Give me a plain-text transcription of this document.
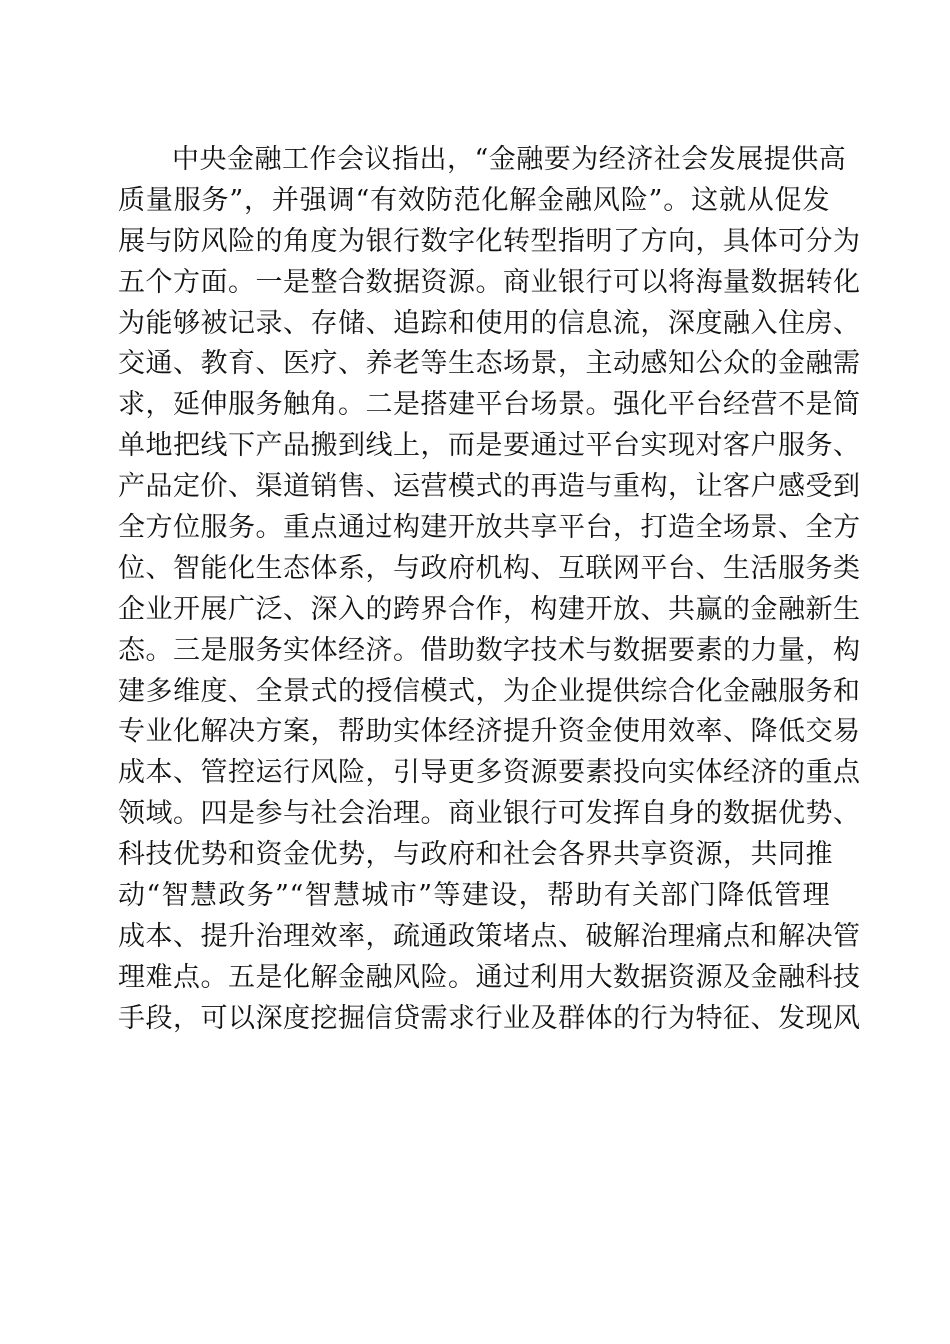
中央金融工作会议指出，“金融要为经济社会发展提供高
质量服务”，并强调“有效防范化解金融风险”。这就从促发
展与防风险的角度为银行数字化转型指明了方向，具体可分为
五个方面。一是整合数据资源。商业银行可以将海量数据转化
为能够被记录、存储、追踪和使用的信息流，深度融入住房、
交通、教育、医疗、养老等生态场景，主动感知公众的金融需
求，延伸服务触角。二是搭建平台场景。强化平台经营不是简
单地把线下产品搬到线上，而是要通过平台实现对客户服务、
产品定价、渠道销售、运营模式的再造与重构，让客户感受到
全方位服务。重点通过构建开放共享平台，打造全场景、全方
位、智能化生态体系，与政府机构、互联网平台、生活服务类
企业开展广泛、深入的跨界合作，构建开放、共赢的金融新生
态。三是服务实体经济。借助数字技术与数据要素的力量，构
建多维度、全景式的授信模式，为企业提供综合化金融服务和
专业化解决方案，帮助实体经济提升资金使用效率、降低交易
成本、管控运行风险，引导更多资源要素投向实体经济的重点
领域。四是参与社会治理。商业银行可发挥自身的数据优势、
科技优势和资金优势，与政府和社会各界共享资源，共同推
动“智慧政务”“智慧城市”等建设，帮助有关部门降低管理
成本、提升治理效率，疏通政策堵点、破解治理痛点和解决管
理难点。五是化解金融风险。通过利用大数据资源及金融科技
手段，可以深度挖掘信贷需求行业及群体的行为特征、发现风
